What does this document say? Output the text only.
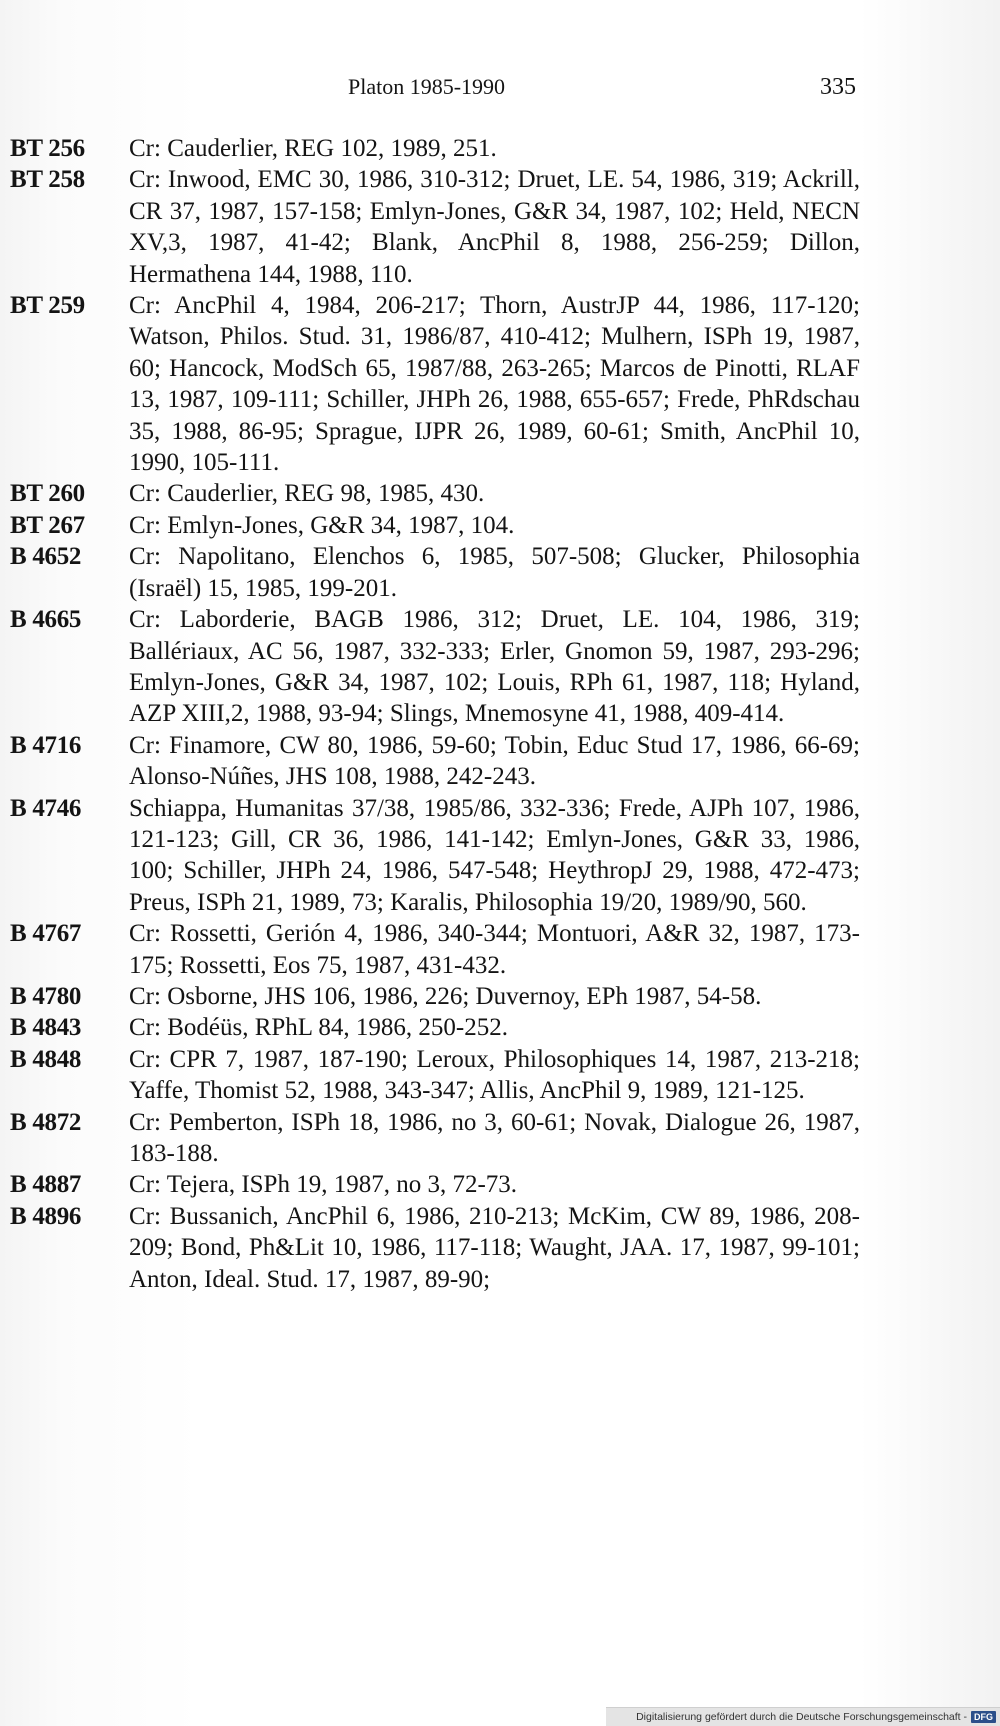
Platon 1985-1990	335
BT 256	Cr: Cauderlier, REG 102, 1989, 251.
BT 258	Cr: Inwood, EMC 30, 1986, 310-312; Druet, LE. 54, 1986, 319; Ackrill, CR 37, 1987, 157-158; Emlyn-Jones, G&R 34, 1987, 102; Held, NECN XV,3, 1987, 41-42; Blank, AncPhil 8, 1988, 256-259; Dillon, Hermathena 144, 1988, 110.
BT 259	Cr: AncPhil 4, 1984, 206-217; Thorn, AustrJP 44, 1986, 117-120; Watson, Philos. Stud. 31, 1986/87, 410-412; Mulhern, ISPh 19, 1987, 60; Hancock, ModSch 65, 1987/88, 263-265; Marcos de Pinotti, RLAF 13, 1987, 109-111; Schiller, JHPh 26, 1988, 655-657; Frede, PhRdschau 35, 1988, 86-95; Sprague, IJPR 26, 1989, 60-61; Smith, AncPhil 10, 1990, 105-111.
BT 260	Cr: Cauderlier, REG 98, 1985, 430.
BT 267	Cr: Emlyn-Jones, G&R 34, 1987, 104.
B 4652	Cr: Napolitano, Elenchos 6, 1985, 507-508; Glucker, Philosophia (Israël) 15, 1985, 199-201.
B 4665	Cr: Laborderie, BAGB 1986, 312; Druet, LE. 104, 1986, 319; Ballériaux, AC 56, 1987, 332-333; Erler, Gnomon 59, 1987, 293-296; Emlyn-Jones, G&R 34, 1987, 102; Louis, RPh 61, 1987, 118; Hyland, AZP XIII,2, 1988, 93-94; Slings, Mnemosyne 41, 1988, 409-414.
B 4716	Cr: Finamore, CW 80, 1986, 59-60; Tobin, Educ Stud 17, 1986, 66-69; Alonso-Núñes, JHS 108, 1988, 242-243.
B 4746	Schiappa, Humanitas 37/38, 1985/86, 332-336; Frede, AJPh 107, 1986, 121-123; Gill, CR 36, 1986, 141-142; Emlyn-Jones, G&R 33, 1986, 100; Schiller, JHPh 24, 1986, 547-548; HeythropJ 29, 1988, 472-473; Preus, ISPh 21, 1989, 73; Karalis, Philosophia 19/20, 1989/90, 560.
B 4767	Cr: Rossetti, Gerión 4, 1986, 340-344; Montuori, A&R 32, 1987, 173-175; Rossetti, Eos 75, 1987, 431-432.
B 4780	Cr: Osborne, JHS 106, 1986, 226; Duvernoy, EPh 1987, 54-58.
B 4843	Cr: Bodéüs, RPhL 84, 1986, 250-252.
B 4848	Cr: CPR 7, 1987, 187-190; Leroux, Philosophiques 14, 1987, 213-218; Yaffe, Thomist 52, 1988, 343-347; Allis, AncPhil 9, 1989, 121-125.
B 4872	Cr: Pemberton, ISPh 18, 1986, no 3, 60-61; Novak, Dialogue 26, 1987, 183-188.
B 4887	Cr: Tejera, ISPh 19, 1987, no 3, 72-73.
B 4896	Cr: Bussanich, AncPhil 6, 1986, 210-213; McKim, CW 89, 1986, 208-209; Bond, Ph&Lit 10, 1986, 117-118; Waught, JAA. 17, 1987, 99-101; Anton, Ideal. Stud. 17, 1987, 89-90;
Digitalisierung gefördert durch die Deutsche Forschungsgemeinschaft - DFG
